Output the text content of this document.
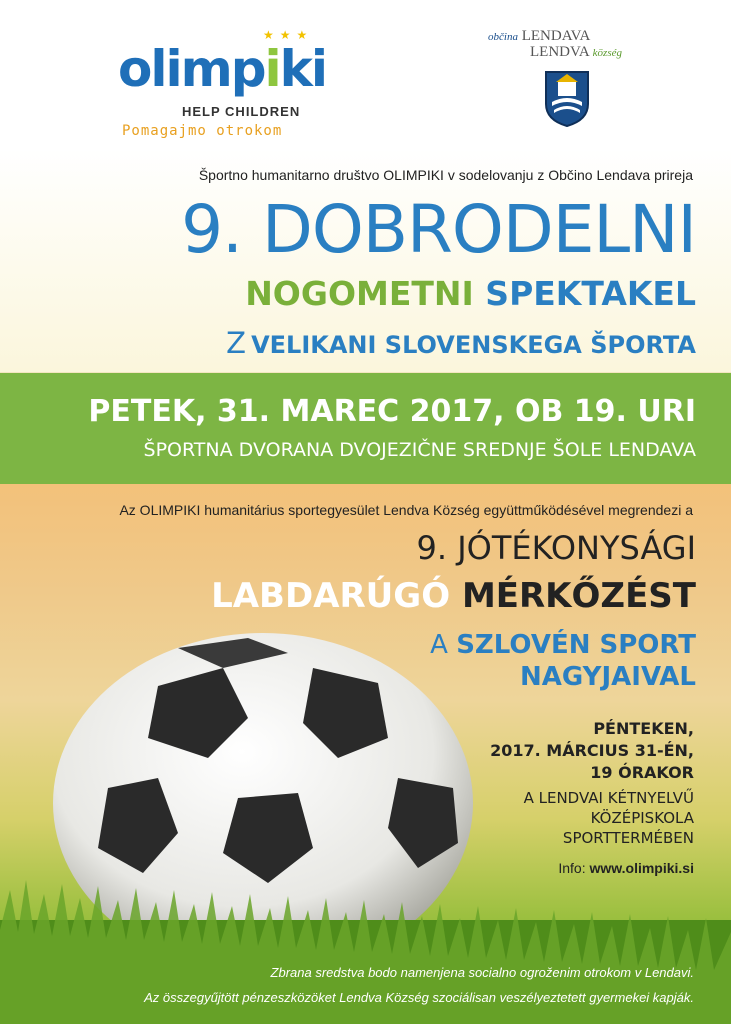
★★★
olimpiki
HELP CHILDREN
Pomagajmo otrokom
občina LENDAVA
LENDVA község
Športno humanitarno društvo OLIMPIKI v sodelovanju z Občino Lendava prireja
9. DOBRODELNI
NOGOMETNI SPEKTAKEL
Z VELIKANI SLOVENSKEGA ŠPORTA
PETEK, 31. MAREC 2017, OB 19. URI
ŠPORTNA DVORANA DVOJEZIČNE SREDNJE ŠOLE LENDAVA
Az OLIMPIKI humanitárius sportegyesület Lendva Község együttműködésével megrendezi a
9. JÓTÉKONYSÁGI
LABDARÚGÓ MÉRKŐZÉST
A SZLOVÉN SPORT
NAGYJAIVAL
PÉNTEKEN,
2017. MÁRCIUS 31-ÉN,
19 ÓRAKOR
A LENDVAI KÉTNYELVŰ
KÖZÉPISKOLA
SPORTTERMÉBEN
Info: www.olimpiki.si
Zbrana sredstva bodo namenjena socialno ogroženim otrokom v Lendavi.
Az összegyűjtött pénzeszközöket Lendva Község szociálisan veszélyeztetett gyermekei kapják.
